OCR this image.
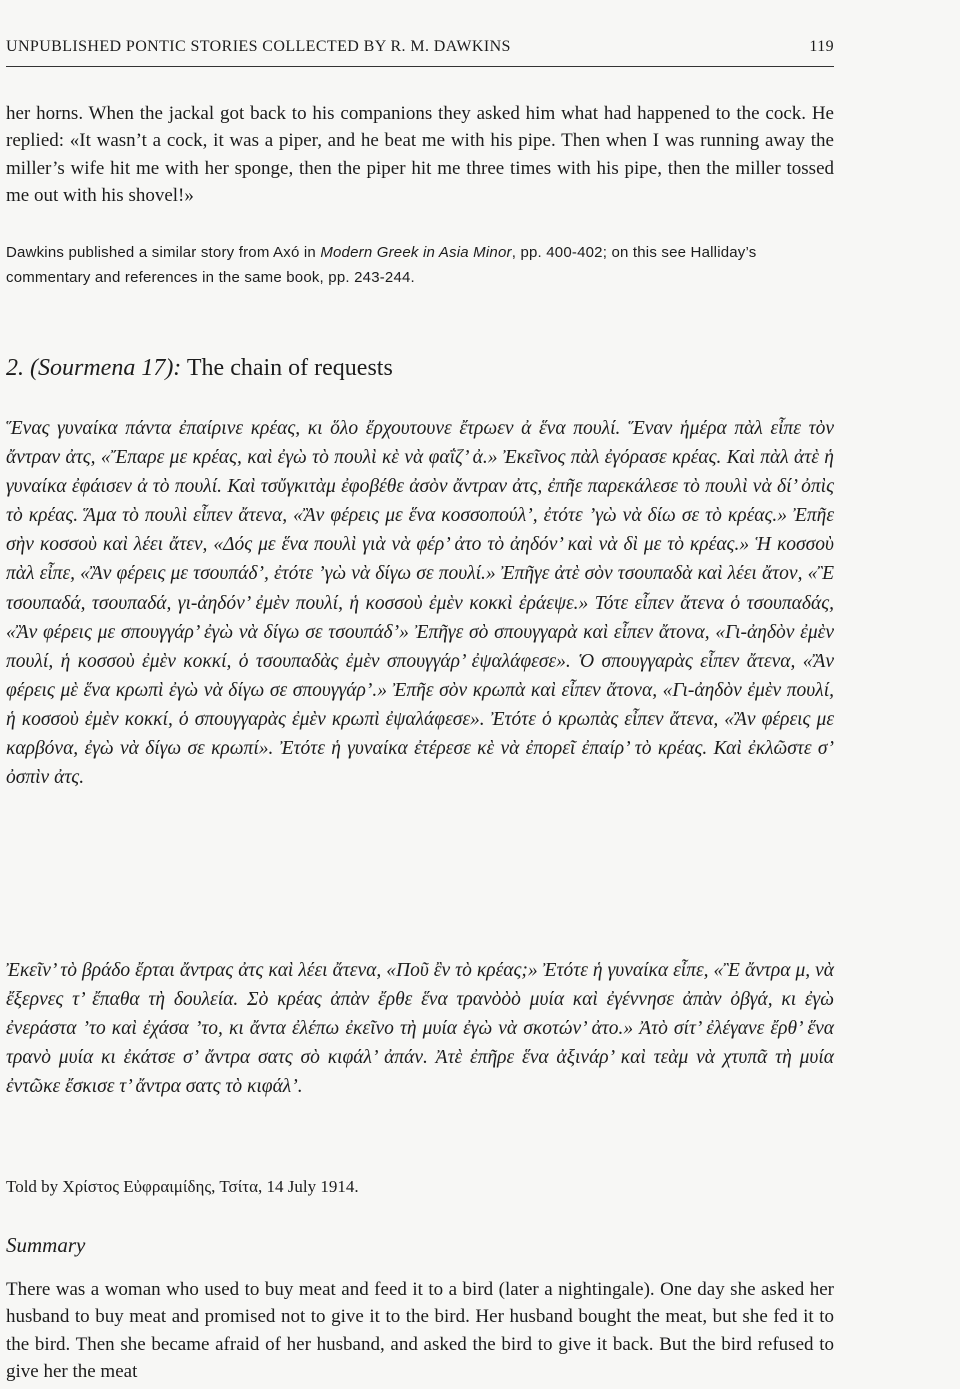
UNPUBLISHED PONTIC STORIES COLLECTED BY R. M. DAWKINS	119

her horns. When the jackal got back to his companions they asked him what had happened to the cock. He replied: «It wasn’t a cock, it was a piper, and he beat me with his pipe. Then when I was running away the miller’s wife hit me with her sponge, then the piper hit me three times with his pipe, then the miller tossed me out with his shovel!»

Dawkins published a similar story from Axó in Modern Greek in Asia Minor, pp. 400-402; on this see Halliday’s commentary and references in the same book, pp. 243-244.

2. (Sourmena 17): The chain of requests

Ἕνας γυναίκα πάντα ἐπαίρινε κρέας, κι ὅλο ἔρχουτουνε ἔτρωεν ἀ ἕνα πουλί. Ἕναν ἡμέρα πὰλ εἶπε τὸν ἄντραν ἀτς, «Ἔπαρε με κρέας, καὶ ἐγὼ τὸ πουλὶ κὲ νὰ φαΐζ’ ἀ.» Ἐκεῖνος πὰλ ἐγόρασε κρέας. Καὶ πὰλ ἀτὲ ἡ γυναίκα ἐφάισεν ἀ τὸ πουλί. Καὶ τσὔγκιτὰμ ἐφοβέθε ἀσὸν ἄντραν ἀτς, ἐπῆε παρεκάλεσε τὸ πουλὶ νὰ δί’ ὀπὶς τὸ κρέας. Ἅμα τὸ πουλὶ εἶπεν ἄτενα, «Ἂν φέρεις με ἕνα κοσσοπούλ’, ἐτότε ’γὼ νὰ δίω σε τὸ κρέας.» Ἐπῆε σὴν κοσσοὺ καὶ λέει ἄτεν, «Δός με ἕνα πουλὶ γιὰ νὰ φέρ’ ἀτο τὸ ἀηδόν’ καὶ νὰ δὶ με τὸ κρέας.» Ἡ κοσσοὺ πὰλ εἶπε, «Ἂν φέρεις με τσουπάδ’, ἐτότε ’γὼ νὰ δίγω σε πουλί.» Ἐπῆγε ἀτὲ σὸν τσουπαδὰ καὶ λέει ἄτον, «Ἒ τσουπαδά, τσουπαδά, γι-ἀηδόν’ ἐμὲν πουλί, ἡ κοσσοὺ ἐμὲν κοκκὶ ἐράεψε.» Τότε εἶπεν ἄτενα ὁ τσουπαδάς, «Ἂν φέρεις με σπουγγάρ’ ἐγὼ νὰ δίγω σε τσουπάδ’» Ἐπῆγε σὸ σπουγγαρὰ καὶ εἶπεν ἄτονα, «Γι-ἀηδὸν ἐμὲν πουλί, ἡ κοσσοὺ ἐμὲν κοκκί, ὁ τσουπαδὰς ἐμὲν σπουγγάρ’ ἐψαλάφεσε». Ὁ σπουγγαρὰς εἶπεν ἄτενα, «Ἂν φέρεις μὲ ἕνα κρωπὶ ἐγὼ νὰ δίγω σε σπουγγάρ’.» Ἐπῆε σὸν κρωπὰ καὶ εἶπεν ἄτονα, «Γι-ἀηδὸν ἐμὲν πουλί, ἡ κοσσοὺ ἐμὲν κοκκί, ὁ σπουγγαρὰς ἐμὲν κρωπὶ ἐψαλάφεσε». Ἐτότε ὁ κρωπὰς εἶπεν ἄτενα, «Ἂν φέρεις με καρβόνα, ἐγὼ νὰ δίγω σε κρωπί». Ἐτότε ἡ γυναίκα ἐτέρεσε κὲ νὰ ἐπορεῖ ἐπαίρ’ τὸ κρέας. Καὶ ἐκλῶστε σ’ ὀσπὶν ἀτς.

Ἐκεῖν’ τὸ βράδο ἔρται ἄντρας ἀτς καὶ λέει ἄτενα, «Ποῦ ἒν τὸ κρέας;» Ἐτότε ἡ γυναίκα εἶπε, «Ἒ ἄντρα μ, νὰ ἔξερνες τ’ ἔπαθα τὴ δουλεία. Σὸ κρέας ἀπὰν ἔρθε ἕνα τρανὸὸὸ μυία καὶ ἐγέννησε ἀπὰν ὀβγά, κι ἐγὼ ἐνεράστα ’το καὶ ἐχάσα ’το, κι ἄντα ἐλέπω ἐκεῖνο τὴ μυία ἐγὼ νὰ σκοτών’ ἀτο.» Ἀτὸ σίτ’ ἐλέγανε ἔρθ’ ἕνα τρανὸ μυία κι ἐκάτσε σ’ ἄντρα σατς σὸ κιφάλ’ ἀπάν. Ἀτὲ ἐπῆρε ἕνα ἀξινάρ’ καὶ τεὰμ νὰ χτυπᾶ τὴ μυία ἐντῶκε ἔσκισε τ’ ἄντρα σατς τὸ κιφάλ’.

Told by Χρίστος Εὐφραιμίδης, Τσίτα, 14 July 1914.

Summary

There was a woman who used to buy meat and feed it to a bird (later a nightingale). One day she asked her husband to buy meat and promised not to give it to the bird. Her husband bought the meat, but she fed it to the bird. Then she became afraid of her husband, and asked the bird to give it back. But the bird refused to give her the meat
